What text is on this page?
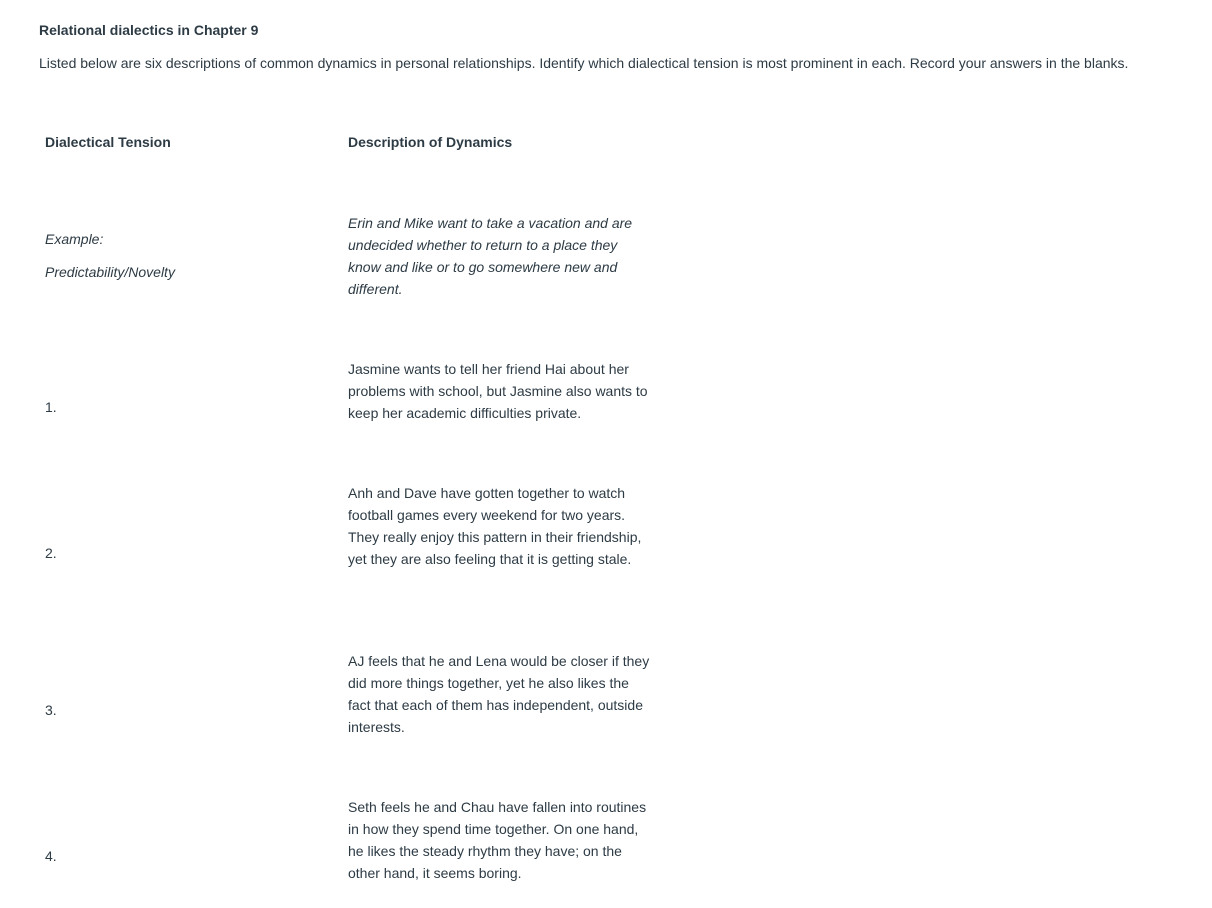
Relational dialectics in Chapter 9

Listed below are six descriptions of common dynamics in personal relationships. Identify which dialectical tension is most prominent in each. Record your answers in the blanks.

Dialectical Tension	Description of Dynamics

Example:

Predictability/Novelty

Erin and Mike want to take a vacation and are undecided whether to return to a place they know and like or to go somewhere new and different.

1.

Jasmine wants to tell her friend Hai about her problems with school, but Jasmine also wants to keep her academic difficulties private.

2.

Anh and Dave have gotten together to watch football games every weekend for two years. They really enjoy this pattern in their friendship, yet they are also feeling that it is getting stale.

3.

AJ feels that he and Lena would be closer if they did more things together, yet he also likes the fact that each of them has independent, outside interests.

4.

Seth feels he and Chau have fallen into routines in how they spend time together. On one hand, he likes the steady rhythm they have; on the other hand, it seems boring.
